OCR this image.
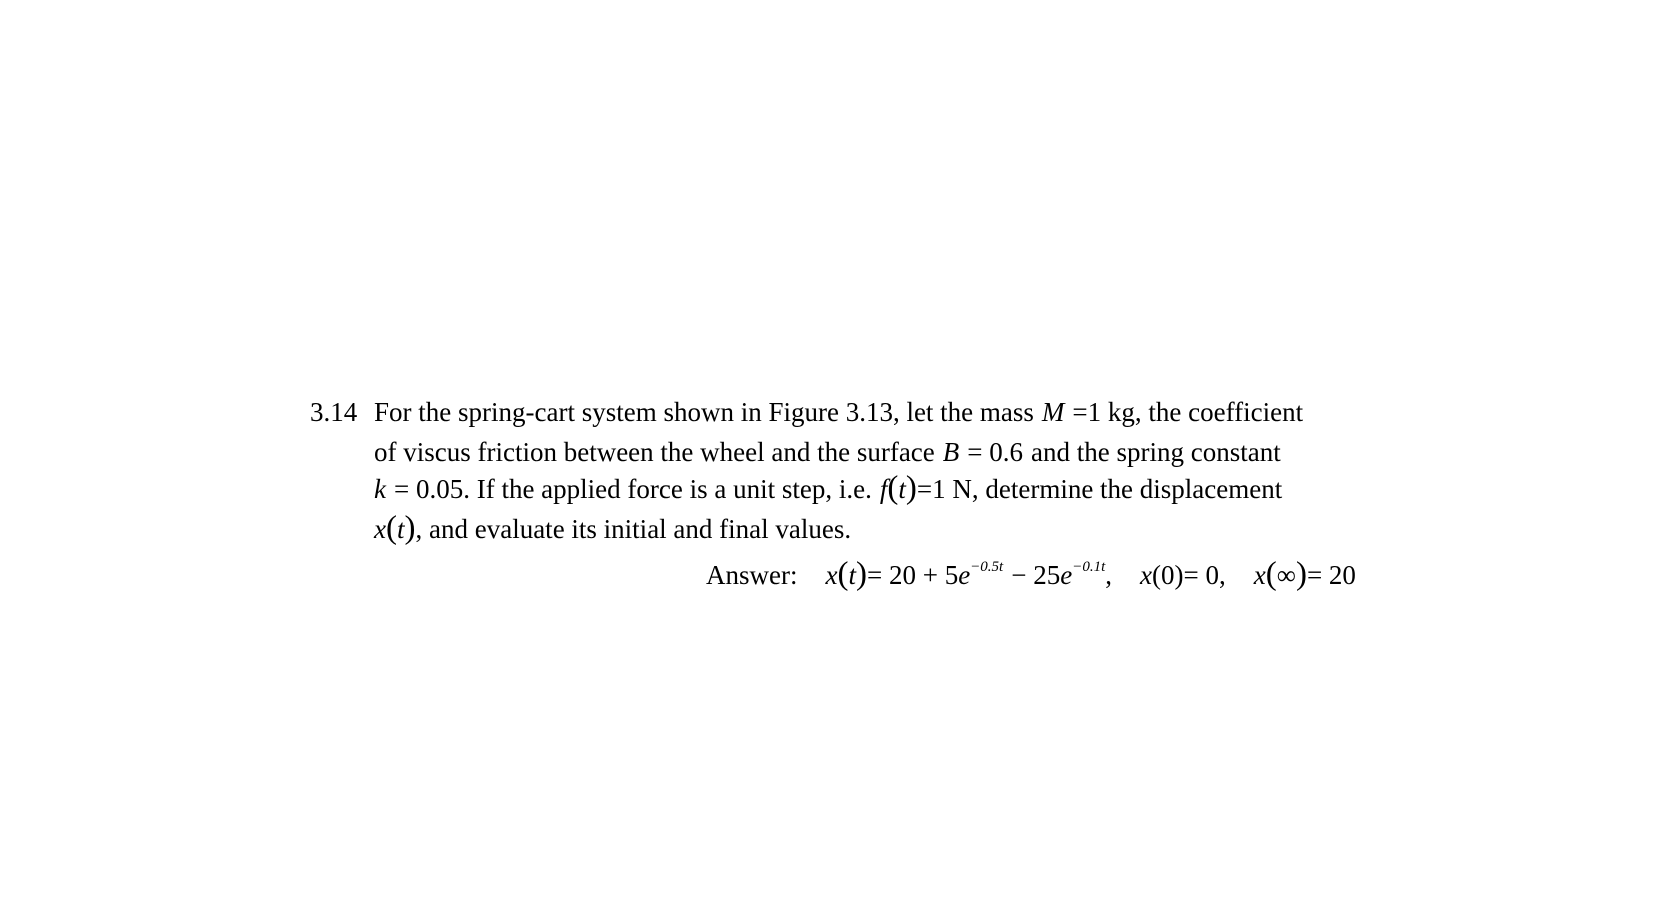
3.14 For the spring-cart system shown in Figure 3.13, let the mass M =1 kg, the coefficient
of viscus friction between the wheel and the surface B = 0.6 and the spring constant
k = 0.05. If the applied force is a unit step, i.e. f(t)=1 N, determine the displacement
x(t), and evaluate its initial and final values.
Answer: $x(t)= 20 + 5e^{-0.5t} - 25e^{-0.1t}$, x(0)= 0, x(∞)= 20
